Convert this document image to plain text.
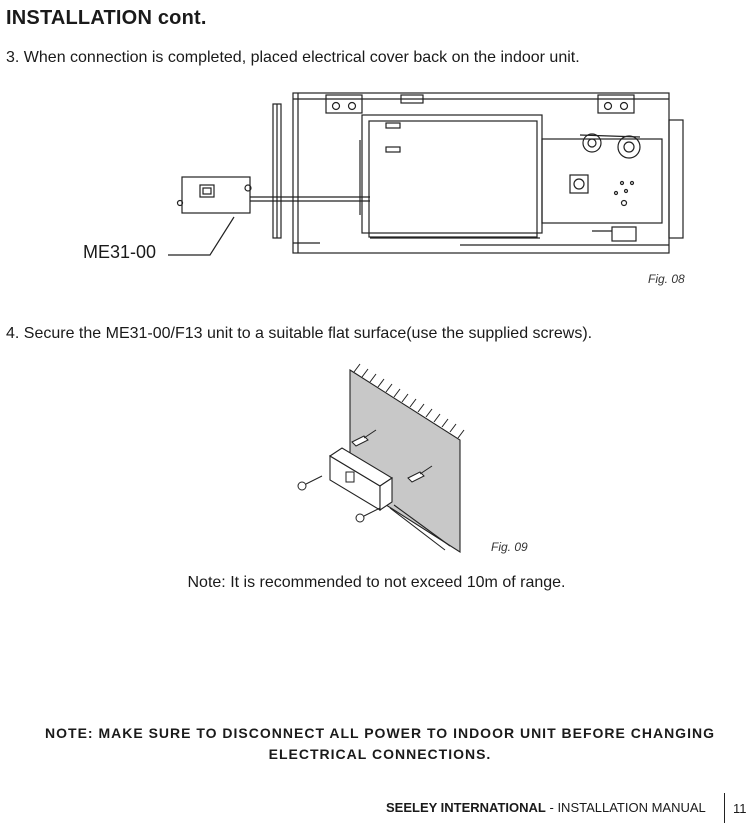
INSTALLATION cont.
3. When connection is completed, placed electrical cover back on the indoor unit.
ME31-00
Fig. 08
4. Secure the ME31-00/F13 unit to a suitable flat surface(use the supplied screws).
Fig. 09
Note: It is recommended to not exceed 10m of range.
NOTE: MAKE SURE TO DISCONNECT ALL POWER TO INDOOR UNIT BEFORE CHANGING
ELECTRICAL CONNECTIONS.
SEELEY INTERNATIONAL - INSTALLATION MANUAL 11
